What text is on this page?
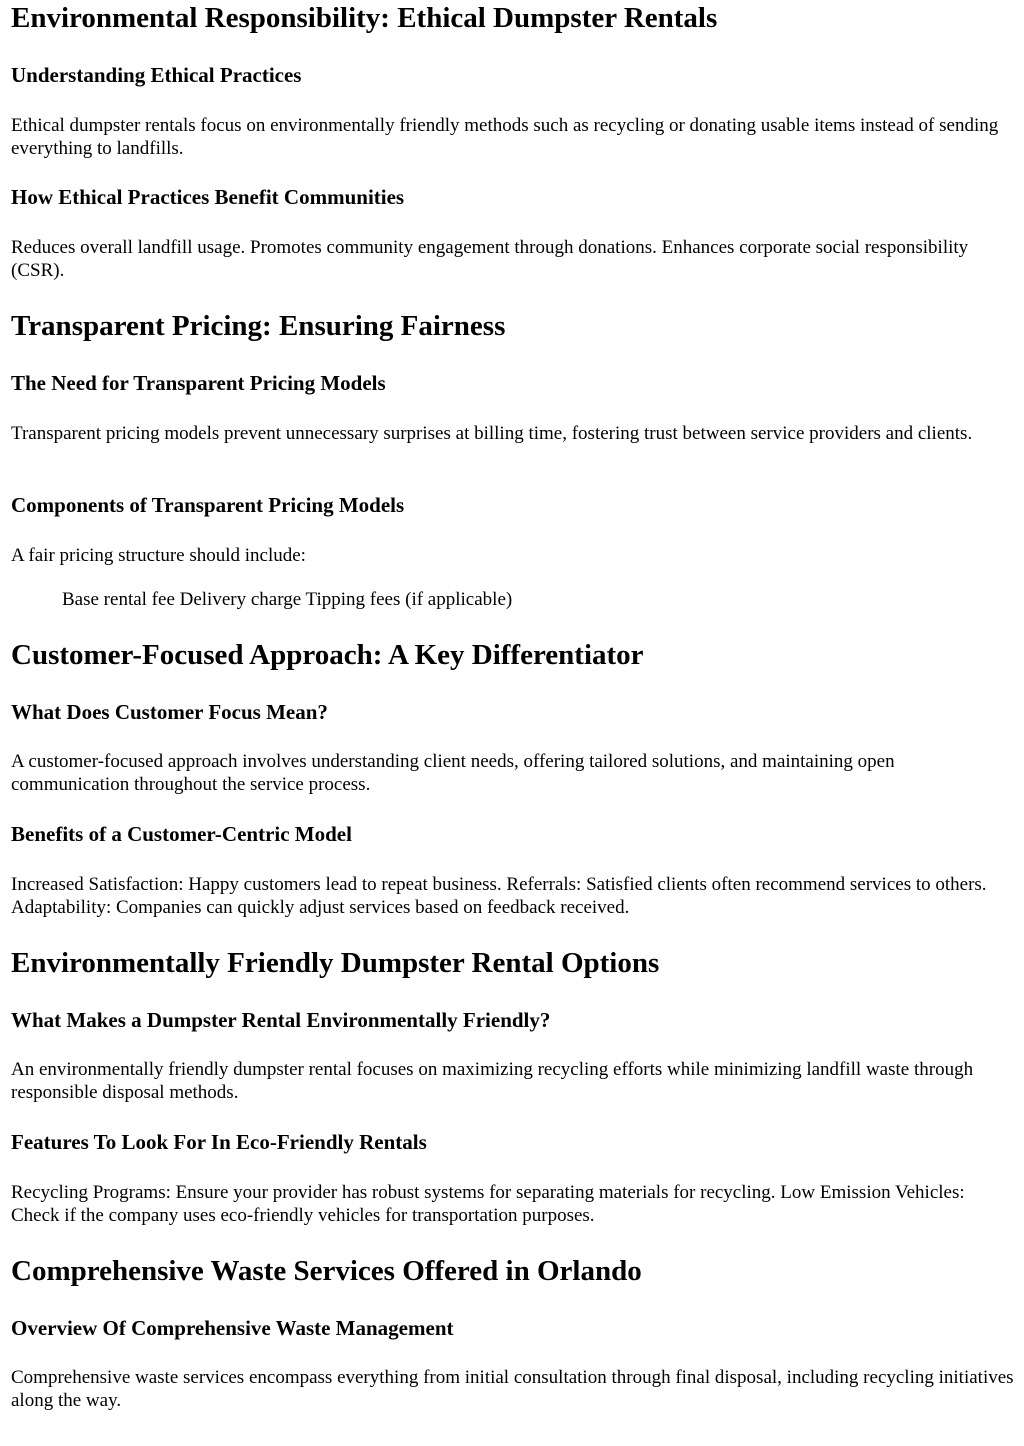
Environmental Responsibility: Ethical Dumpster Rentals
Understanding Ethical Practices

Ethical dumpster rentals focus on environmentally friendly methods such as recycling or donating usable items instead of sending everything to landfills.

How Ethical Practices Benefit Communities

Reduces overall landfill usage. Promotes community engagement through donations. Enhances corporate social responsibility (CSR).

Transparent Pricing: Ensuring Fairness
The Need for Transparent Pricing Models

Transparent pricing models prevent unnecessary surprises at billing time, fostering trust between service providers and clients.

Components of Transparent Pricing Models

A fair pricing structure should include:

Base rental fee Delivery charge Tipping fees (if applicable)

Customer-Focused Approach: A Key Differentiator
What Does Customer Focus Mean?

A customer-focused approach involves understanding client needs, offering tailored solutions, and maintaining open communication throughout the service process.

Benefits of a Customer-Centric Model

Increased Satisfaction: Happy customers lead to repeat business. Referrals: Satisfied clients often recommend services to others. Adaptability: Companies can quickly adjust services based on feedback received.

Environmentally Friendly Dumpster Rental Options
What Makes a Dumpster Rental Environmentally Friendly?

An environmentally friendly dumpster rental focuses on maximizing recycling efforts while minimizing landfill waste through responsible disposal methods.

Features To Look For In Eco-Friendly Rentals

Recycling Programs: Ensure your provider has robust systems for separating materials for recycling. Low Emission Vehicles: Check if the company uses eco-friendly vehicles for transportation purposes.

Comprehensive Waste Services Offered in Orlando
Overview Of Comprehensive Waste Management

Comprehensive waste services encompass everything from initial consultation through final disposal, including recycling initiatives along the way.
